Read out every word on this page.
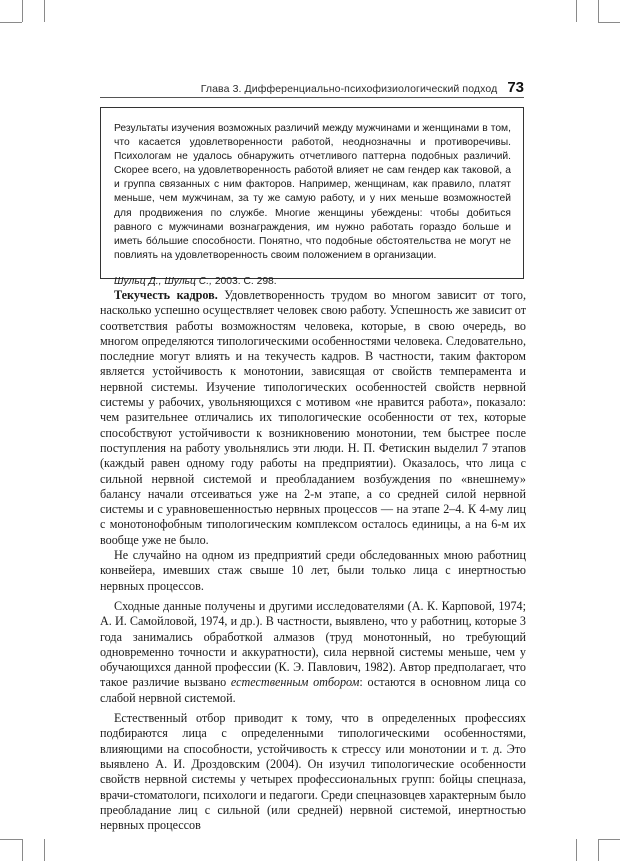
Глава 3. Дифференциально-психофизиологический подход 73

Результаты изучения возможных различий между мужчинами и женщинами в том, что касается удовлетворенности работой, неоднозначны и противоречивы. Психологам не удалось обнаружить отчетливого паттерна подобных различий. Скорее всего, на удовлетворенность работой влияет не сам гендер как таковой, а и группа связанных с ним факторов. Например, женщинам, как правило, платят меньше, чем мужчинам, за ту же самую работу, и у них меньше возможностей для продвижения по службе. Многие женщины убеждены: чтобы добиться равного с мужчинами вознаграждения, им нужно работать гораздо больше и иметь бóльшие способности. Понятно, что подобные обстоятельства не могут не повлиять на удовлетворенность своим положением в организации.

Шульц Д., Шульц С., 2003. С. 298.

Текучесть кадров. Удовлетворенность трудом во многом зависит от того, насколько успешно осуществляет человек свою работу. Успешность же зависит от соответствия работы возможностям человека, которые, в свою очередь, во многом определяются типологическими особенностями человека. Следовательно, последние могут влиять и на текучесть кадров. В частности, таким фактором является устойчивость к монотонии, зависящая от свойств темперамента и нервной системы. Изучение типологических особенностей свойств нервной системы у рабочих, увольняющихся с мотивом «не нравится работа», показало: чем разительнее отличались их типологические особенности от тех, которые способствуют устойчивости к возникновению монотонии, тем быстрее после поступления на работу увольнялись эти люди. Н. П. Фетискин выделил 7 этапов (каждый равен одному году работы на предприятии). Оказалось, что лица с сильной нервной системой и преобладанием возбуждения по «внешнему» балансу начали отсеиваться уже на 2-м этапе, а со средней силой нервной системы и с уравновешенностью нервных процессов — на этапе 2–4. К 4-му лиц с монотонофобным типологическим комплексом осталось единицы, а на 6-м их вообще уже не было.

Не случайно на одном из предприятий среди обследованных мною работниц конвейера, имевших стаж свыше 10 лет, были только лица с инертностью нервных процессов.

Сходные данные получены и другими исследователями (А. К. Карповой, 1974; А. И. Самойловой, 1974, и др.). В частности, выявлено, что у работниц, которые 3 года занимались обработкой алмазов (труд монотонный, но требующий одновременно точности и аккуратности), сила нервной системы меньше, чем у обучающихся данной профессии (К. Э. Павлович, 1982). Автор предполагает, что такое различие вызвано естественным отбором: остаются в основном лица со слабой нервной системой.

Естественный отбор приводит к тому, что в определенных профессиях подбираются лица с определенными типологическими особенностями, влияющими на способности, устойчивость к стрессу или монотонии и т. д. Это выявлено А. И. Дроздовским (2004). Он изучил типологические особенности свойств нервной системы у четырех профессиональных групп: бойцы спецназа, врачи-стоматологи, психологи и педагоги. Среди спецназовцев характерным было преобладание лиц с сильной (или средней) нервной системой, инертностью нервных процессов
